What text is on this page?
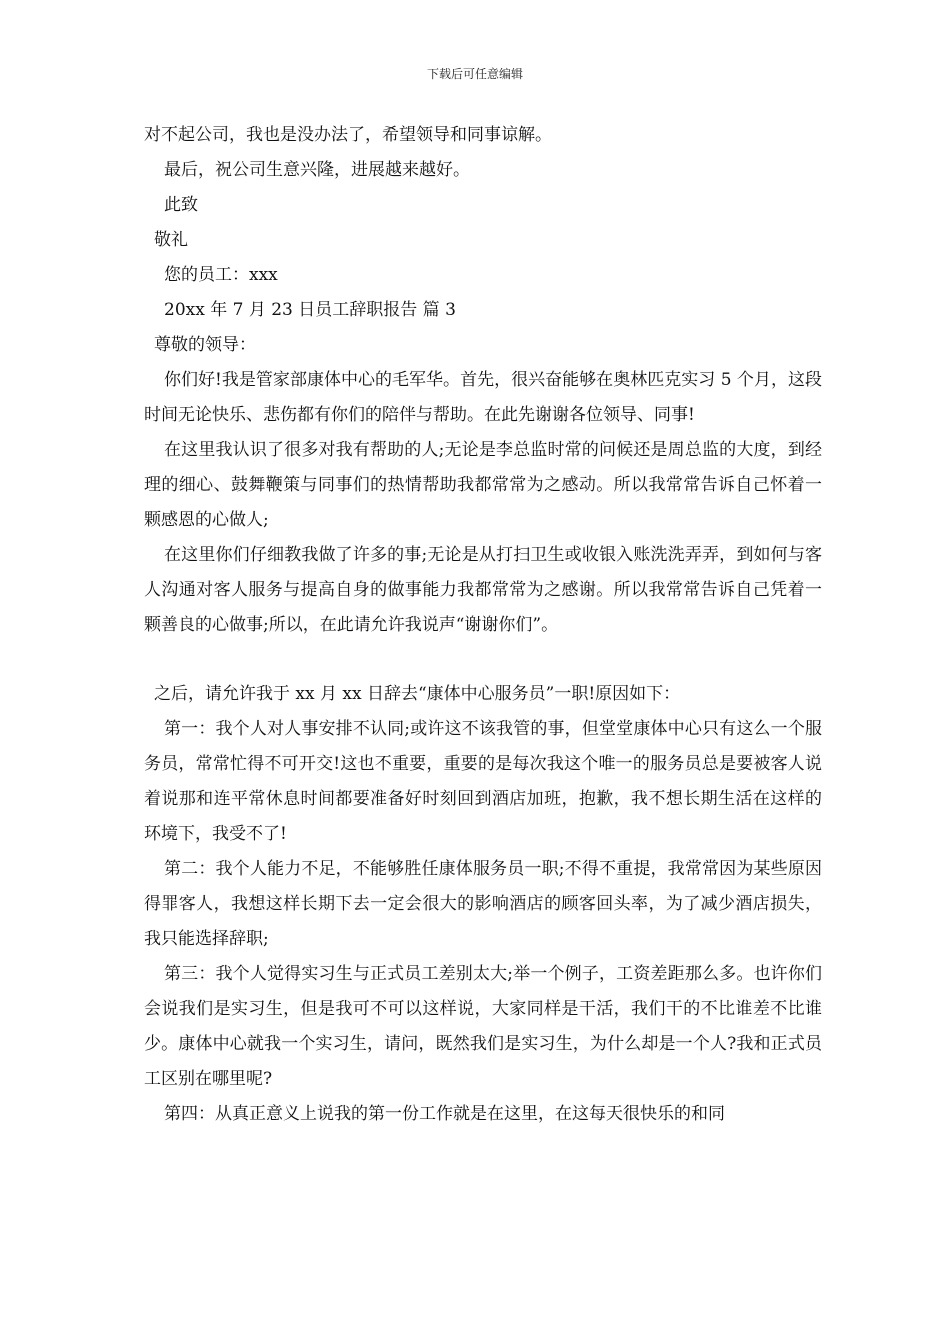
下载后可任意编辑

对不起公司，我也是没办法了，希望领导和同事谅解。

最后，祝公司生意兴隆，进展越来越好。

此致

敬礼

您的员工：xxx

20xx 年 7 月 23 日员工辞职报告 篇 3

尊敬的领导：

你们好!我是管家部康体中心的毛军华。首先，很兴奋能够在奥林匹克实习 5 个月，这段时间无论快乐、悲伤都有你们的陪伴与帮助。在此先谢谢各位领导、同事!

在这里我认识了很多对我有帮助的人;无论是李总监时常的问候还是周总监的大度，到经理的细心、鼓舞鞭策与同事们的热情帮助我都常常为之感动。所以我常常告诉自己怀着一颗感恩的心做人;

在这里你们仔细教我做了许多的事;无论是从打扫卫生或收银入账洗洗弄弄，到如何与客人沟通对客人服务与提高自身的做事能力我都常常为之感谢。所以我常常告诉自己凭着一颗善良的心做事;所以，在此请允许我说声“谢谢你们”。

之后，请允许我于 xx 月 xx 日辞去“康体中心服务员”一职!原因如下：

第一：我个人对人事安排不认同;或许这不该我管的事，但堂堂康体中心只有这么一个服务员，常常忙得不可开交!这也不重要，重要的是每次我这个唯一的服务员总是要被客人说着说那和连平常休息时间都要准备好时刻回到酒店加班，抱歉，我不想长期生活在这样的环境下，我受不了!

第二：我个人能力不足，不能够胜任康体服务员一职;不得不重提，我常常因为某些原因得罪客人，我想这样长期下去一定会很大的影响酒店的顾客回头率，为了减少酒店损失，我只能选择辞职;

第三：我个人觉得实习生与正式员工差别太大;举一个例子，工资差距那么多。也许你们会说我们是实习生，但是我可不可以这样说，大家同样是干活，我们干的不比谁差不比谁少。康体中心就我一个实习生，请问，既然我们是实习生，为什么却是一个人?我和正式员工区别在哪里呢?

第四：从真正意义上说我的第一份工作就是在这里，在这每天很快乐的和同
